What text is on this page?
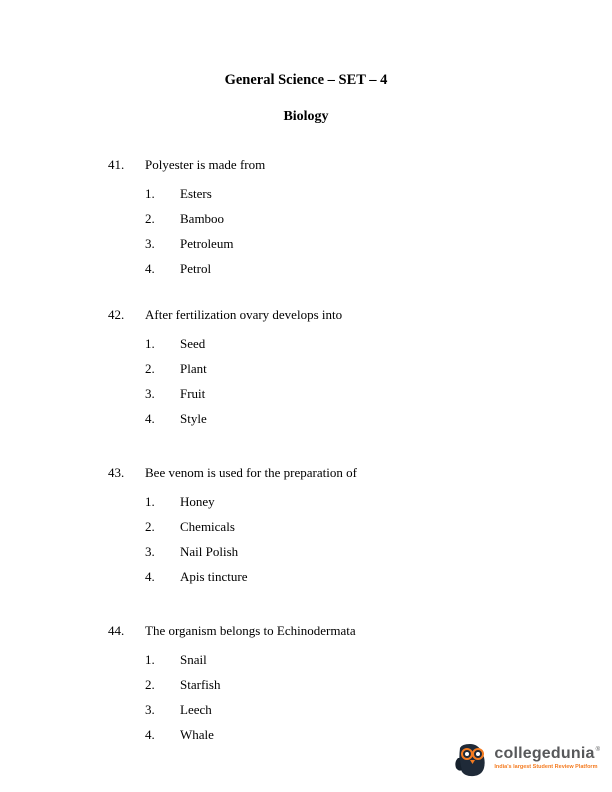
General Science – SET – 4
Biology
41.	Polyester is made from
1.	Esters
2.	Bamboo
3.	Petroleum
4.	Petrol
42.	After fertilization ovary develops into
1.	Seed
2.	Plant
3.	Fruit
4.	Style
43.	Bee venom is used for the preparation of
1.	Honey
2.	Chemicals
3.	Nail Polish
4.	Apis tincture
44.	The organism belongs to Echinodermata
1.	Snail
2.	Starfish
3.	Leech
4.	Whale
collegedunia ®
India's largest Student Review Platform
